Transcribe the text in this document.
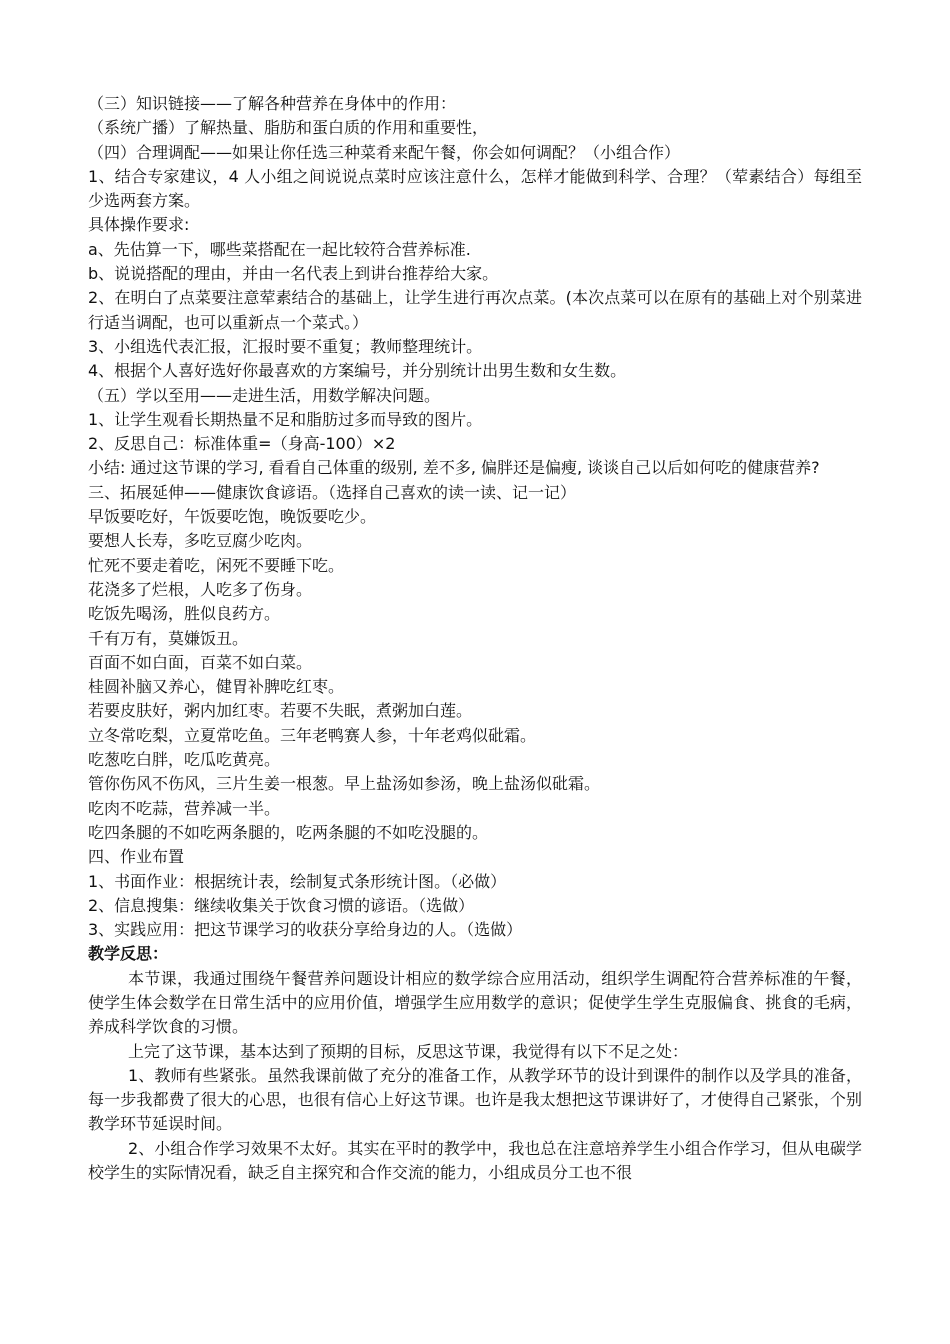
（三）知识链接——了解各种营养在身体中的作用：

（系统广播）了解热量、脂肪和蛋白质的作用和重要性，

（四）合理调配——如果让你任选三种菜肴来配午餐，你会如何调配？（小组合作）

1、结合专家建议，4 人小组之间说说点菜时应该注意什么，怎样才能做到科学、合理？（荤素结合）每组至少选两套方案。

具体操作要求:

a、先估算一下，哪些菜搭配在一起比较符合营养标准.

b、说说搭配的理由，并由一名代表上到讲台推荐给大家。

2、在明白了点菜要注意荤素结合的基础上，让学生进行再次点菜。(本次点菜可以在原有的基础上对个别菜进行适当调配，也可以重新点一个菜式。）

3、小组选代表汇报，汇报时要不重复；教师整理统计。

4、根据个人喜好选好你最喜欢的方案编号，并分别统计出男生数和女生数。

（五）学以至用——走进生活，用数学解决问题。

1、让学生观看长期热量不足和脂肪过多而导致的图片。

2、反思自己：标准体重=（身高-100）×2

小结: 通过这节课的学习, 看看自己体重的级别, 差不多, 偏胖还是偏瘦, 谈谈自己以后如何吃的健康营养?

三、拓展延伸——健康饮食谚语。（选择自己喜欢的读一读、记一记）

早饭要吃好，午饭要吃饱，晚饭要吃少。

要想人长寿，多吃豆腐少吃肉。

忙死不要走着吃，闲死不要睡下吃。

花浇多了烂根，人吃多了伤身。

吃饭先喝汤，胜似良药方。

千有万有，莫嫌饭丑。

百面不如白面，百菜不如白菜。

桂圆补脑又养心，健胃补脾吃红枣。

若要皮肤好，粥内加红枣。若要不失眠，煮粥加白莲。

立冬常吃梨，立夏常吃鱼。三年老鸭赛人参，十年老鸡似砒霜。

吃葱吃白胖，吃瓜吃黄亮。

管你伤风不伤风，三片生姜一根葱。早上盐汤如参汤，晚上盐汤似砒霜。

吃肉不吃蒜，营养减一半。

吃四条腿的不如吃两条腿的，吃两条腿的不如吃没腿的。

四、作业布置

1、书面作业：根据统计表，绘制复式条形统计图。（必做）

2、信息搜集：继续收集关于饮食习惯的谚语。（选做）

3、实践应用：把这节课学习的收获分享给身边的人。（选做）

教学反思：

本节课，我通过围绕午餐营养问题设计相应的数学综合应用活动，组织学生调配符合营养标准的午餐，使学生体会数学在日常生活中的应用价值，增强学生应用数学的意识；促使学生学生克服偏食、挑食的毛病，养成科学饮食的习惯。

上完了这节课，基本达到了预期的目标，反思这节课，我觉得有以下不足之处：

1、教师有些紧张。虽然我课前做了充分的准备工作，从教学环节的设计到课件的制作以及学具的准备，每一步我都费了很大的心思，也很有信心上好这节课。也许是我太想把这节课讲好了，才使得自己紧张，个别教学环节延误时间。

2、小组合作学习效果不太好。其实在平时的教学中，我也总在注意培养学生小组合作学习，但从电碳学校学生的实际情况看，缺乏自主探究和合作交流的能力，小组成员分工也不很
